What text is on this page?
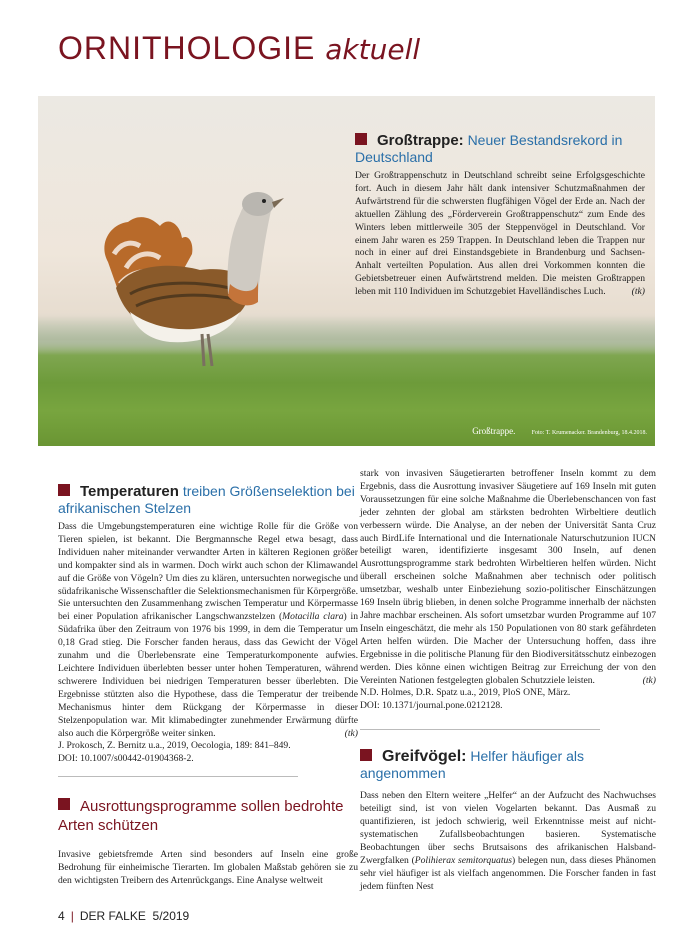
ORNITHOLOGIE aktuell
Großtrappe.	Foto: T. Krumenacker. Brandenburg, 18.4.2018.
Großtrappe: Neuer Bestandsrekord in Deutschland
Der Großtrappenschutz in Deutschland schreibt seine Erfolgsgeschichte fort. Auch in diesem Jahr hält dank intensiver Schutzmaßnahmen der Aufwärtstrend für die schwersten flugfähigen Vögel der Erde an. Nach der aktuellen Zählung des „Förderverein Großtrappenschutz“ zum Ende des Winters leben mittlerweile 305 der Steppenvögel in Deutschland. Vor einem Jahr waren es 259 Trappen. In Deutschland leben die Trappen nur noch in einer auf drei Einstandsgebiete in Brandenburg und Sachsen-Anhalt verteilten Population. Aus allen drei Vorkommen konnten die Gebietsbetreuer einen Aufwärtstrend melden. Die meisten Großtrappen leben mit 110 Individuen im Schutzgebiet Havelländisches Luch.	(tk)
Temperaturen treiben Größenselektion bei afrikanischen Stelzen
Dass die Umgebungstemperaturen eine wichtige Rolle für die Größe von Tieren spielen, ist bekannt. Die Bergmannsche Regel etwa besagt, dass Individuen naher miteinander verwandter Arten in kälteren Regionen größer und kompakter sind als in warmen. Doch wirkt auch schon der Klimawandel auf die Größe von Vögeln? Um dies zu klären, untersuchten norwegische und südafrikanische Wissenschaftler die Selektionsmechanismen für Körpergröße. Sie untersuchten den Zusammenhang zwischen Temperatur und Körpermasse bei einer Population afrikanischer Langschwanzstelzen (Motacilla clara) in Südafrika über den Zeitraum von 1976 bis 1999, in dem die Temperatur um 0,18 Grad stieg. Die Forscher fanden heraus, dass das Gewicht der Vögel zunahm und die Überlebensrate eine Temperaturkomponente aufwies. Leichtere Individuen überlebten besser unter hohen Temperaturen, während schwerere Individuen bei niedrigen Temperaturen besser überlebten. Die Ergebnisse stützten also die Hypothese, dass die Temperatur der treibende Mechanismus hinter dem Rückgang der Körpermasse in dieser Stelzenpopulation war. Mit klimabedingter zunehmender Erwärmung dürfte also auch die Körpergröße weiter sinken.	(tk)
J. Prokosch, Z. Bernitz u.a., 2019, Oecologia, 189: 841–849.
DOI: 10.1007/s00442-01904368-2.
Ausrottungsprogramme sollen bedrohte Arten schützen
Invasive gebietsfremde Arten sind besonders auf Inseln eine große Bedrohung für einheimische Tierarten. Im globalen Maßstab gehören sie zu den wichtigsten Treibern des Artenrückgangs. Eine Analyse weltweit
stark von invasiven Säugetierarten betroffener Inseln kommt zu dem Ergebnis, dass die Ausrottung invasiver Säugetiere auf 169 Inseln mit guten Voraussetzungen für eine solche Maßnahme die Überlebenschancen von fast jeder zehnten der global am stärksten bedrohten Wirbeltiere deutlich verbessern würde. Die Analyse, an der neben der Universität Santa Cruz auch BirdLife International und die Internationale Naturschutzunion IUCN beteiligt waren, identifizierte insgesamt 300 Inseln, auf denen Ausrottungsprogramme stark bedrohten Wirbeltieren helfen würden. Nicht überall erscheinen solche Maßnahmen aber technisch oder politisch umsetzbar, weshalb unter Einbeziehung sozio-politischer Einschätzungen 169 Inseln übrig blieben, in denen solche Programme innerhalb der nächsten Jahre machbar erscheinen. Als sofort umsetzbar wurden Programme auf 107 Inseln eingeschätzt, die mehr als 150 Populationen von 80 stark gefährdeten Arten helfen würden. Die Macher der Untersuchung hoffen, dass ihre Ergebnisse in die politische Planung für den Biodiversitätsschutz einbezogen werden. Dies könne einen wichtigen Beitrag zur Erreichung der von den Vereinten Nationen festgelegten globalen Schutzziele leisten.	(tk)
N.D. Holmes, D.R. Spatz u.a., 2019, PloS ONE, März.
DOI: 10.1371/journal.pone.0212128.
Greifvögel: Helfer häufiger als angenommen
Dass neben den Eltern weitere „Helfer“ an der Aufzucht des Nachwuchses beteiligt sind, ist von vielen Vogelarten bekannt. Das Ausmaß zu quantifizieren, ist jedoch schwierig, weil Erkenntnisse meist auf nicht-systematischen Zufallsbeobachtungen basieren. Systematische Beobachtungen über sechs Brutsaisons des afrikanischen Halsband-Zwergfalken (Polihierax semitorquatus) belegen nun, dass dieses Phänomen sehr viel häufiger ist als vielfach angenommen. Die Forscher fanden in fast jedem fünften Nest
4 | DER FALKE 5/2019
